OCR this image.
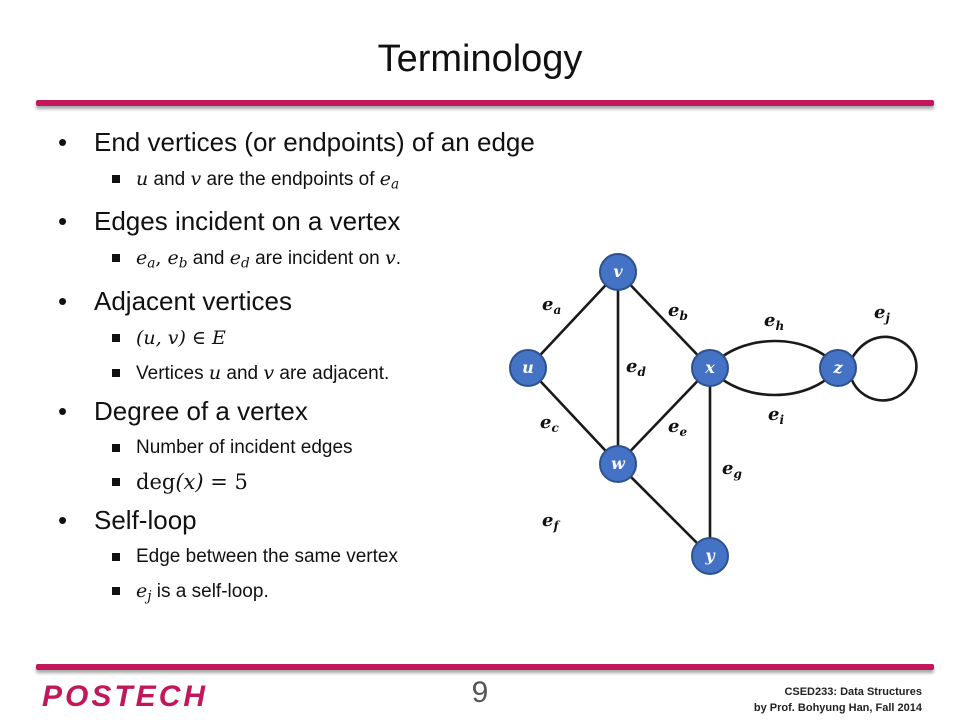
Terminology
• End vertices (or endpoints) of an edge
u and v are the endpoints of $e_a$
• Edges incident on a vertex
$e_a$, $e_b$ and $e_d$ are incident on v.
• Adjacent vertices
(u, v) ∈ E
Vertices u and v are adjacent.
• Degree of a vertex
Number of incident edges
deg(x) = 5
• Self-loop
Edge between the same vertex
$e_j$ is a self-loop.
v
u	x	z
w
y
$e_a$	$e_b$	$e_h$
$e_j$
$e_d$
$e_i$
$e_c$	$e_e$
$e_g$
$e_f$
POSTECH	9	CSED233: Data Structures
by Prof. Bohyung Han, Fall 2014
